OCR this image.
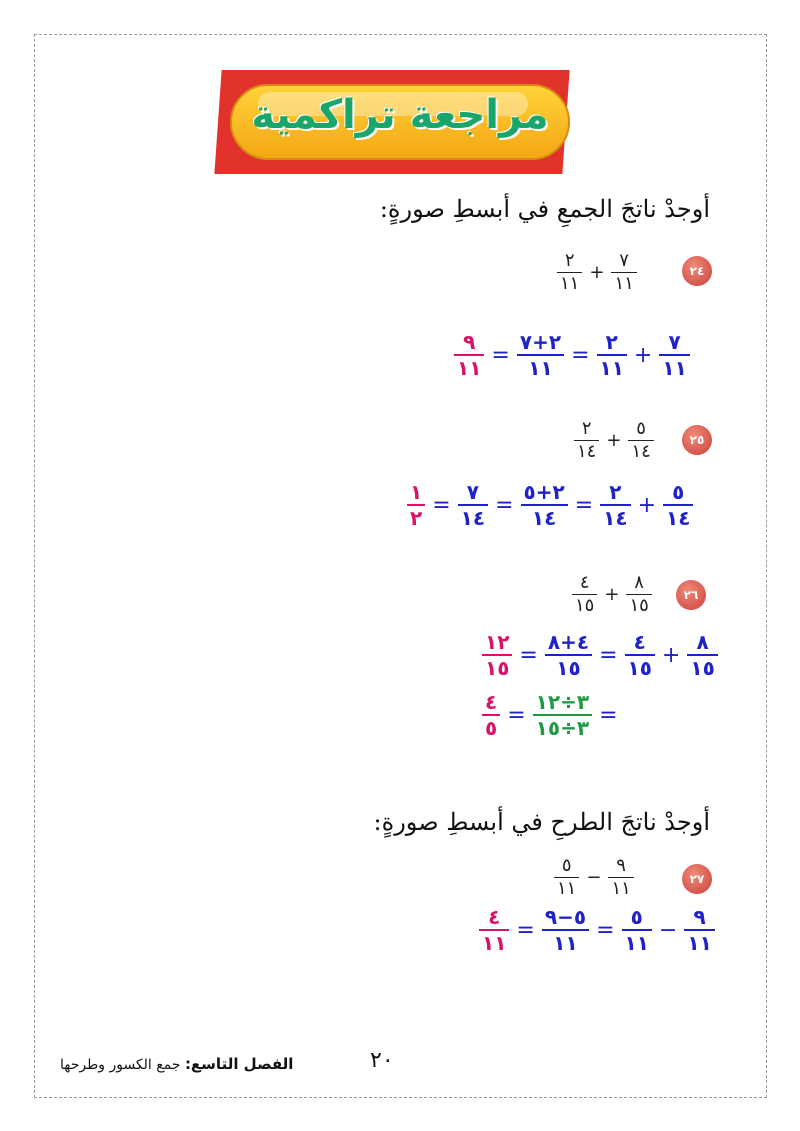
مراجعة تراكمية
أوجدْ ناتجَ الجمعِ في أبسطِ صورةٍ:
٢٤
$\frac{٢}{١١} + \frac{٧}{١١}$
$\frac{٩}{١١} = \frac{٢+٧}{١١} = \frac{٢}{١١} + \frac{٧}{١١}$
٢٥
$\frac{٢}{١٤} + \frac{٥}{١٤}$
$\frac{١}{٢} = \frac{٧}{١٤} = \frac{٢+٥}{١٤} = \frac{٢}{١٤} + \frac{٥}{١٤}$
٢٦
$\frac{٤}{١٥} + \frac{٨}{١٥}$
$\frac{١٢}{١٥} = \frac{٤+٨}{١٥} = \frac{٤}{١٥} + \frac{٨}{١٥}$
$\frac{٤}{٥} = \frac{٣\div ١٢}{٣\div ١٥}$ =
أوجدْ ناتجَ الطرحِ في أبسطِ صورةٍ:
٢٧
$\frac{٥}{١١} - \frac{٩}{١١}$
$\frac{٤}{١١} = \frac{٥-٩}{١١} = \frac{٥}{١١} - \frac{٩}{١١}$
٢٠
الفصل التاسع: جمع الكسور وطرحها
